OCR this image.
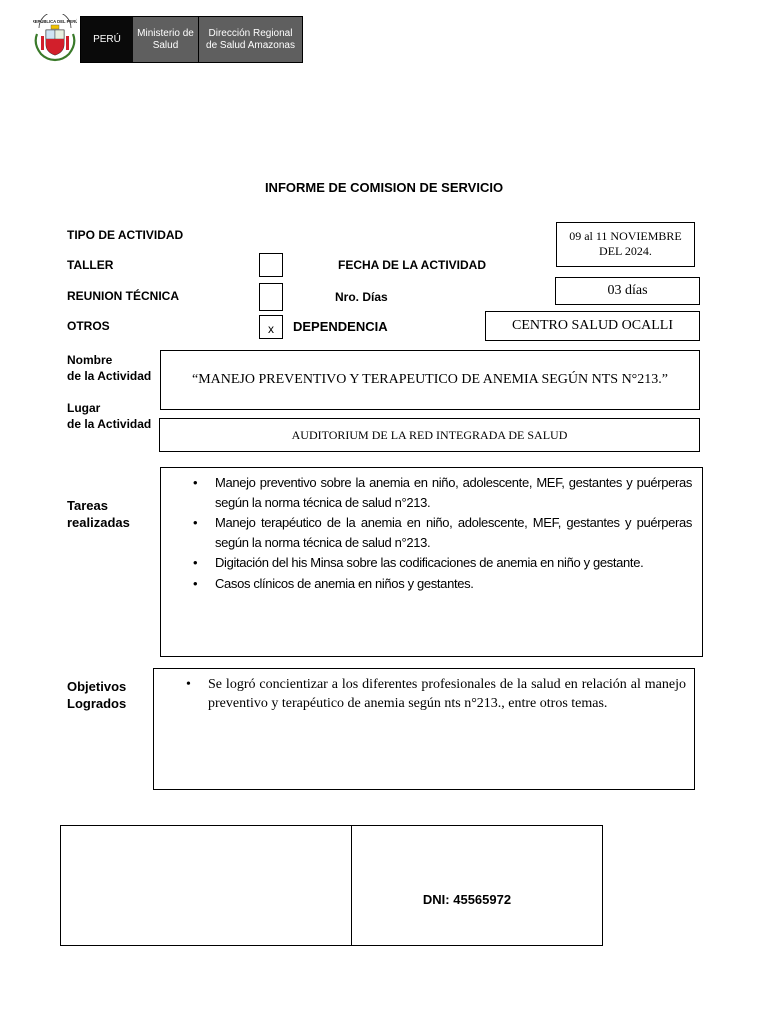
REPÚBLICA DEL PERÚ
PERÚ
Ministerio de Salud
Dirección Regional de Salud Amazonas
INFORME DE COMISION DE SERVICIO
TIPO DE ACTIVIDAD
TALLER
REUNION TÉCNICA
OTROS	x
FECHA DE LA ACTIVIDAD
Nro. Días
DEPENDENCIA
09 al 11 NOVIEMBRE
DEL 2024.
03 días
CENTRO SALUD OCALLI
Nombre
de la Actividad	“MANEJO PREVENTIVO Y TERAPEUTICO DE ANEMIA SEGÚN NTS N°213.”
Lugar
de la Actividad
AUDITORIUM DE LA RED INTEGRADA DE SALUD
Tareas
realizadas
• Manejo preventivo sobre la anemia en niño, adolescente, MEF, gestantes y puérperas según la norma técnica de salud n°213.
• Manejo terapéutico de la anemia en niño, adolescente, MEF, gestantes y puérperas según la norma técnica de salud n°213.
• Digitación del his Minsa sobre las codificaciones de anemia en niño y gestante.
• Casos clínicos de anemia en niños y gestantes.
Objetivos
Logrados
• Se logró concientizar a los diferentes profesionales de la salud en relación al manejo preventivo y terapéutico de anemia según nts n°213., entre otros temas.
DNI: 45565972
